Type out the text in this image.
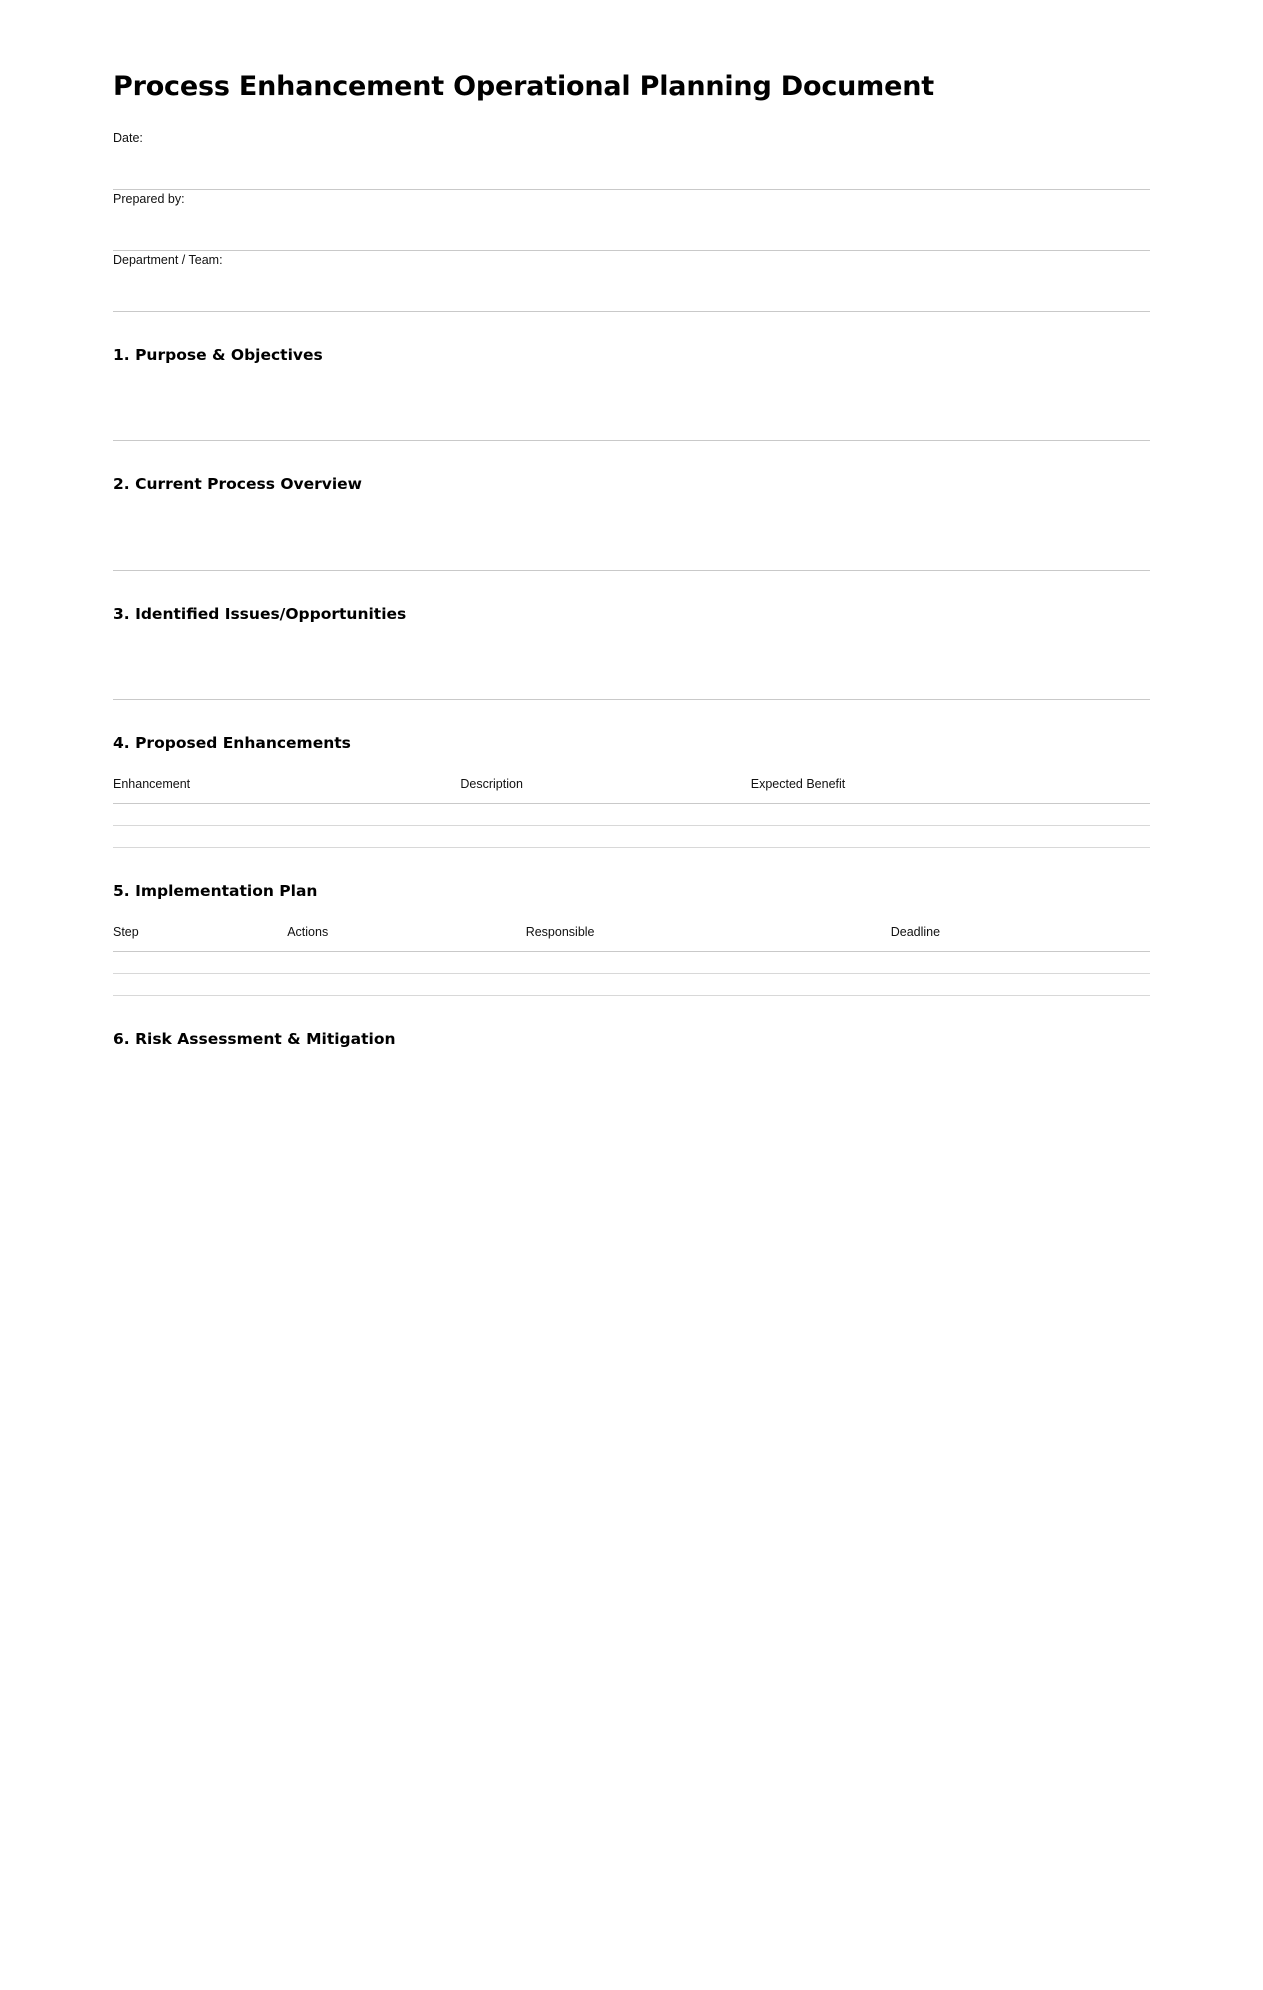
Process Enhancement Operational Planning Document
Date:
Prepared by:
Department / Team:
1. Purpose & Objectives
2. Current Process Overview
3. Identified Issues/Opportunities
4. Proposed Enhancements
Enhancement	Description	Expected Benefit

5. Implementation Plan
Step	Actions	Responsible	Deadline

6. Risk Assessment & Mitigation
